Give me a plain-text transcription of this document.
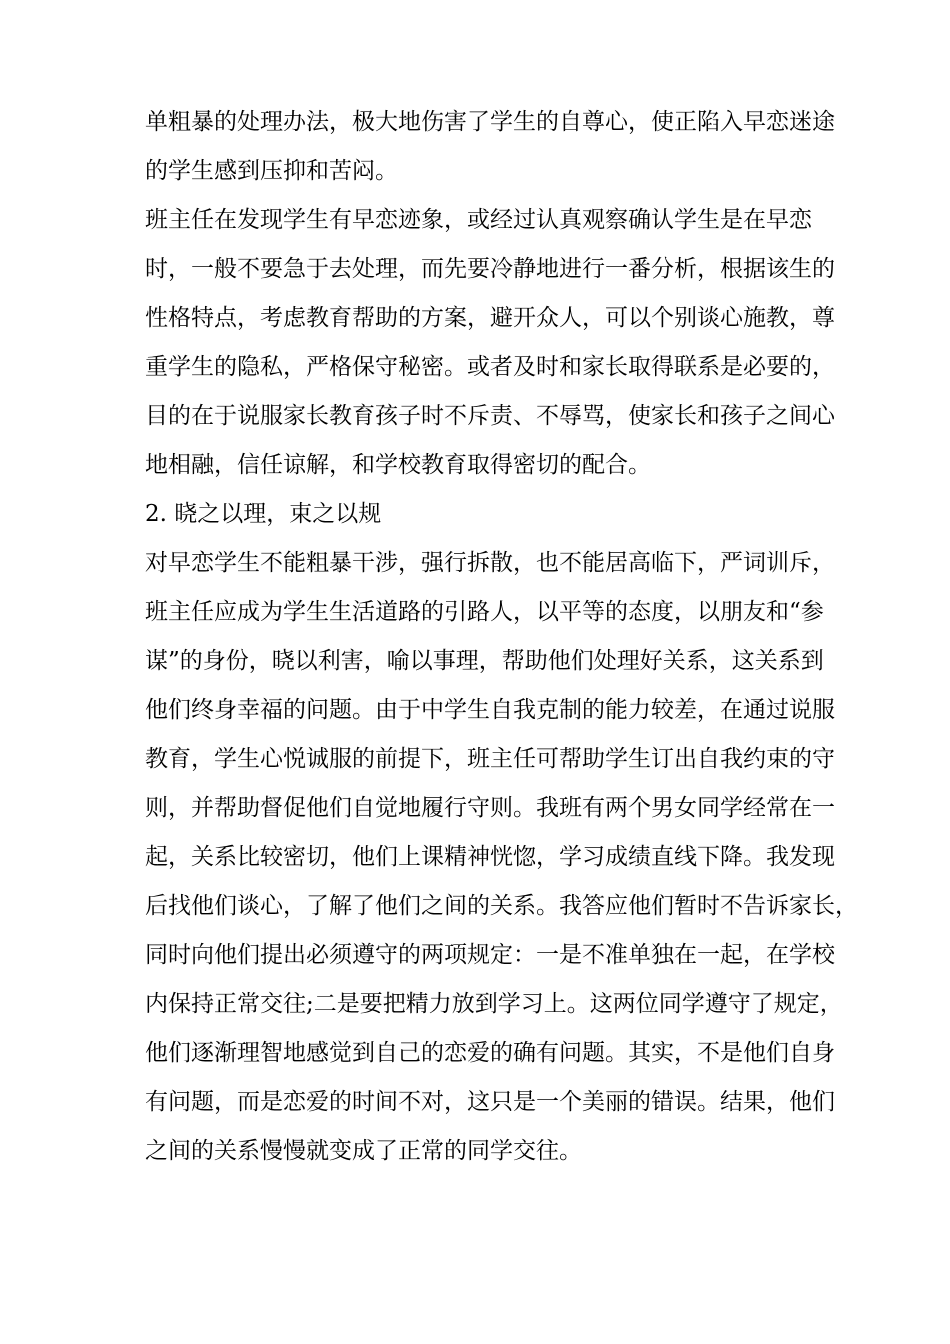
单粗暴的处理办法，极大地伤害了学生的自尊心，使正陷入早恋迷途
的学生感到压抑和苦闷。
班主任在发现学生有早恋迹象，或经过认真观察确认学生是在早恋
时，一般不要急于去处理，而先要冷静地进行一番分析，根据该生的
性格特点，考虑教育帮助的方案，避开众人，可以个别谈心施教，尊
重学生的隐私，严格保守秘密。或者及时和家长取得联系是必要的，
目的在于说服家长教育孩子时不斥责、不辱骂，使家长和孩子之间心
地相融，信任谅解，和学校教育取得密切的配合。
2. 晓之以理，束之以规
对早恋学生不能粗暴干涉，强行拆散，也不能居高临下，严词训斥，
班主任应成为学生生活道路的引路人，以平等的态度，以朋友和“参
谋”的身份，晓以利害，喻以事理，帮助他们处理好关系，这关系到
他们终身幸福的问题。由于中学生自我克制的能力较差，在通过说服
教育，学生心悦诚服的前提下，班主任可帮助学生订出自我约束的守
则，并帮助督促他们自觉地履行守则。我班有两个男女同学经常在一
起，关系比较密切，他们上课精神恍惚，学习成绩直线下降。我发现
后找他们谈心，了解了他们之间的关系。我答应他们暂时不告诉家长，
同时向他们提出必须遵守的两项规定：一是不准单独在一起，在学校
内保持正常交往;二是要把精力放到学习上。这两位同学遵守了规定，
他们逐渐理智地感觉到自己的恋爱的确有问题。其实，不是他们自身
有问题，而是恋爱的时间不对，这只是一个美丽的错误。结果，他们
之间的关系慢慢就变成了正常的同学交往。
